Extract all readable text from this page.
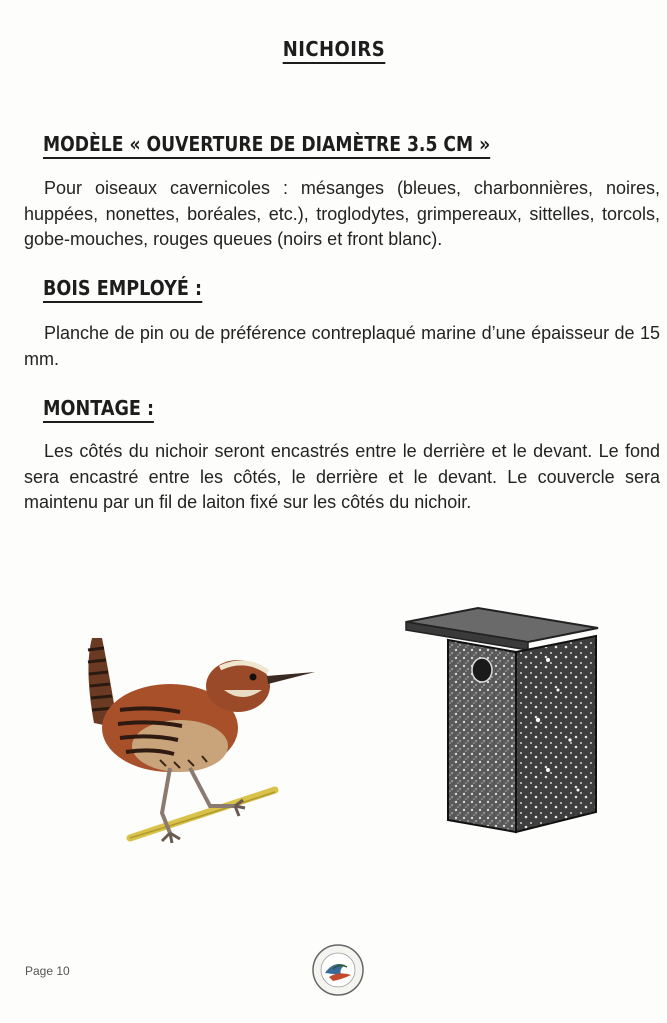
NICHOIRS
MODÈLE « OUVERTURE DE DIAMÈTRE 3.5 CM »
Pour oiseaux cavernicoles : mésanges (bleues, charbonnières, noires, huppées, nonettes, boréales, etc.), troglodytes, grimpereaux, sittelles, torcols, gobe-mouches, rouges queues (noirs et front blanc).
BOIS EMPLOYÉ :
Planche de pin ou de préférence contreplaqué marine d’une épaisseur de 15 mm.
MONTAGE :
Les côtés du nichoir seront encastrés entre le derrière et le devant. Le fond sera encastré entre les côtés, le derrière et le devant. Le couvercle sera maintenu par un fil de laiton fixé sur les côtés du nichoir.
Page 10
